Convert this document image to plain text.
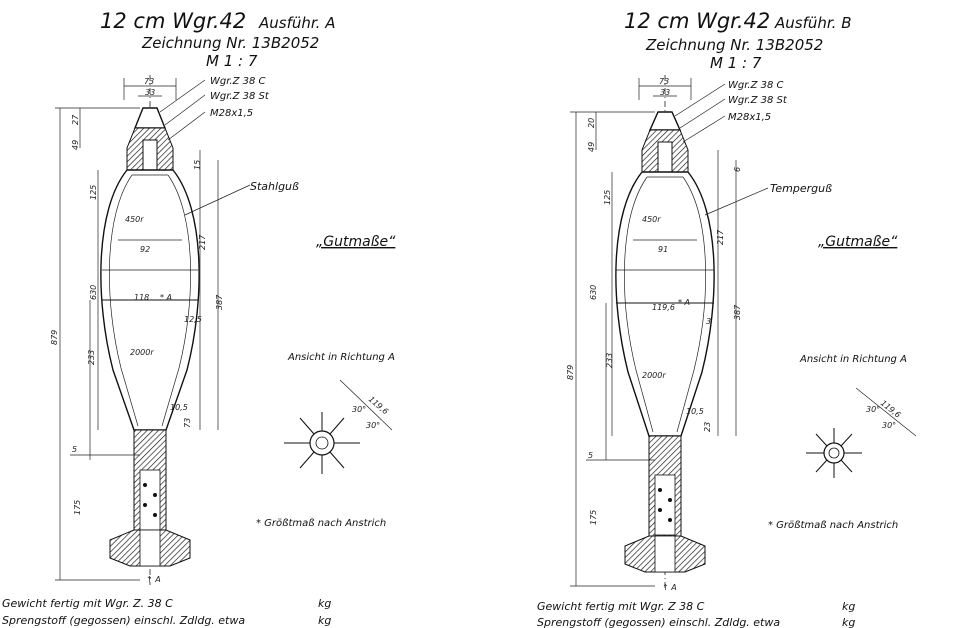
12 cm Wgr.42 Ausführ. A
Zeichnung Nr. 13B2052
M 1 : 7
879
27
49
125
630
233
5
175
217
387
15
12,5
73
10,5
73
33
92
118 * A
450r
2000r
Wgr.Z 38 C
Wgr.Z 38 St
M28x1,5
Stahlguß
↑ A
„Gutmaße“
Ansicht in Richtung A
119,6
30°
30°
* Größtmaß nach Anstrich
Gewicht fertig mit Wgr. Z. 38 C	kg
Sprengstoff (gegossen) einschl. Zdldg. etwa	kg
12 cm Wgr.42 Ausführ. B
Zeichnung Nr. 13B2052
M 1 : 7
879
20
49
125
630
233
5
175
217
387
6
3
23
10,5
73
33
91
119,6
* A
450r
2000r
Wgr.Z 38 C
Wgr.Z 38 St
M28x1,5
Temperguß
↑ A
„Gutmaße“
Ansicht in Richtung A
119,6
30°
30°
* Größtmaß nach Anstrich
Gewicht fertig mit Wgr. Z 38 C	kg
Sprengstoff (gegossen) einschl. Zdldg. etwa	kg
